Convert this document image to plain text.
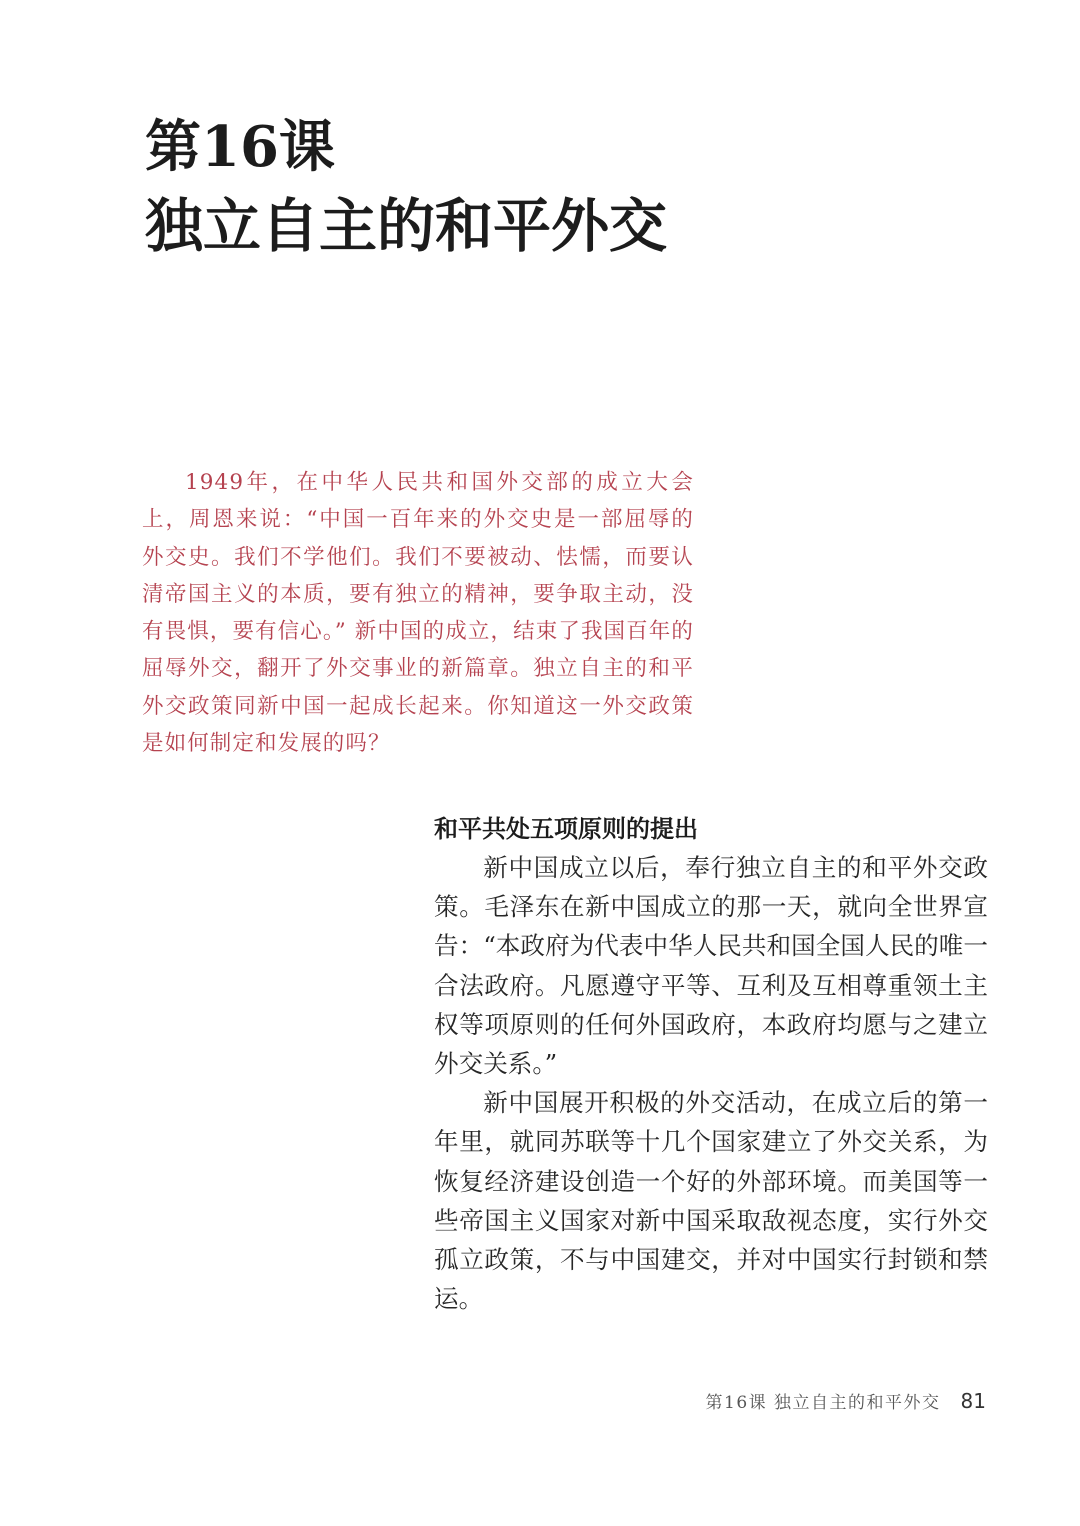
第16课
独立自主的和平外交

1949年，在中华人民共和国外交部的成立大会上，周恩来说：“中国一百年来的外交史是一部屈辱的外交史。我们不学他们。我们不要被动、怯懦，而要认清帝国主义的本质，要有独立的精神，要争取主动，没有畏惧，要有信心。” 新中国的成立，结束了我国百年的屈辱外交，翻开了外交事业的新篇章。独立自主的和平外交政策同新中国一起成长起来。你知道这一外交政策是如何制定和发展的吗？

和平共处五项原则的提出

新中国成立以后，奉行独立自主的和平外交政策。毛泽东在新中国成立的那一天，就向全世界宣告：“本政府为代表中华人民共和国全国人民的唯一合法政府。凡愿遵守平等、互利及互相尊重领土主权等项原则的任何外国政府，本政府均愿与之建立外交关系。”

新中国展开积极的外交活动，在成立后的第一年里，就同苏联等十几个国家建立了外交关系，为恢复经济建设创造一个好的外部环境。而美国等一些帝国主义国家对新中国采取敌视态度，实行外交孤立政策，不与中国建交，并对中国实行封锁和禁运。

第16课 独立自主的和平外交 81
